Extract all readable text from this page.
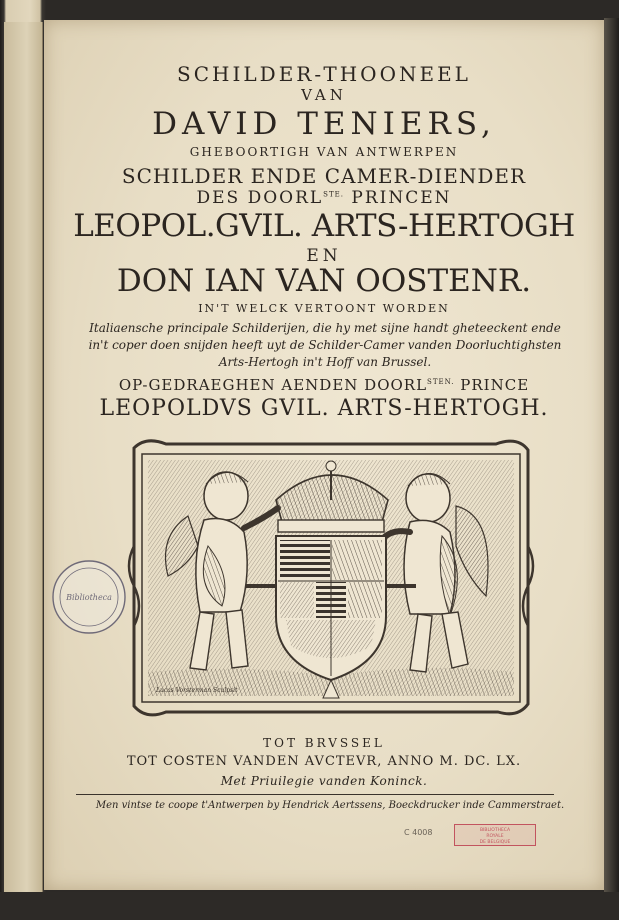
SCHILDER-THOONEEL

VAN

DAVID TENIERS,

GHEBOORTIGH VAN ANTWERPEN

SCHILDER ENDE CAMER-DIENDER

DES $DOORL^{STE.}$ PRINCEN

LEOPOL.GVIL. ARTS-HERTOGH

EN

DON IAN VAN OOSTENR.

IN'T WELCK VERTOONT WORDEN

Italiaensche principale Schilderijen, die hy met sijne handt gheteeckent ende in't coper doen snijden heeft uyt de Schilder-Camer vanden Doorluchtighsten Arts-Hertogh in't Hoff van Brussel.

OP-GEDRAEGHEN AENDEN $DOORL^{STEN.}$ PRINCE

LEOPOLDVS GVIL. ARTS-HERTOGH.

Lucas Vorsterman Sculpsit
Bibliotheca

TOT BRVSSEL

TOT COSTEN VANDEN AVCTEVR, ANNO M. DC. LX.

Met Priuilegie vanden Koninck.

Men vintse te coope t'Antwerpen by Hendrick Aertssens, Boeckdrucker inde Cammerstraet.

C 4008	BIBLIOTHECA
ROYALE
DE BELGIQUE
